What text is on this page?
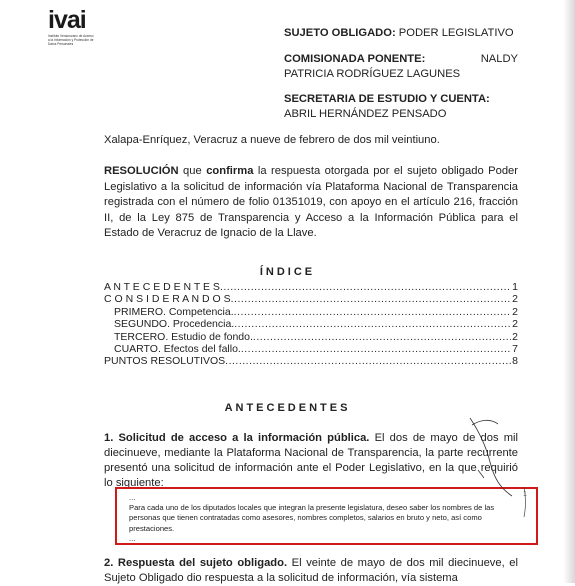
ivai
Instituto Veracruzano de Acceso a la Información y Protección de Datos Personales
SUJETO OBLIGADO: PODER LEGISLATIVO
COMISIONADA PONENTE:	NALDY
PATRICIA RODRÍGUEZ LAGUNES
SECRETARIA DE ESTUDIO Y CUENTA:
ABRIL HERNÁNDEZ PENSADO
Xalapa-Enríquez, Veracruz a nueve de febrero de dos mil veintiuno.
RESOLUCIÓN que confirma la respuesta otorgada por el sujeto obligado Poder Legislativo a la solicitud de información vía Plataforma Nacional de Transparencia registrada con el número de folio 01351019, con apoyo en el artículo 216, fracción II, de la Ley 875 de Transparencia y Acceso a la Información Pública para el Estado de Veracruz de Ignacio de la Llave.
ÍNDICE
A N T E C E D E N T E S .....	1
C O N S I D E R A N D O S .....	2
PRIMERO. Competencia. .....	2
SEGUNDO. Procedencia. .....	2
TERCERO. Estudio de fondo. .....	2
CUARTO. Efectos del fallo. .....	7
PUNTOS RESOLUTIVOS .....	8
ANTECEDENTES
1. Solicitud de acceso a la información pública. El dos de mayo de dos mil diecinueve, mediante la Plataforma Nacional de Transparencia, la parte recurrente presentó una solicitud de información ante el Poder Legislativo, en la que requirió lo siguiente:
...
Para cada uno de los diputados locales que integran la presente legislatura, deseo saber los nombres de las personas que tienen contratadas como asesores, nombres completos, salarios en bruto y neto, así como prestaciones.
...
1
2. Respuesta del sujeto obligado. El veinte de mayo de dos mil diecinueve, el Sujeto Obligado dio respuesta a la solicitud de información, vía sistema
